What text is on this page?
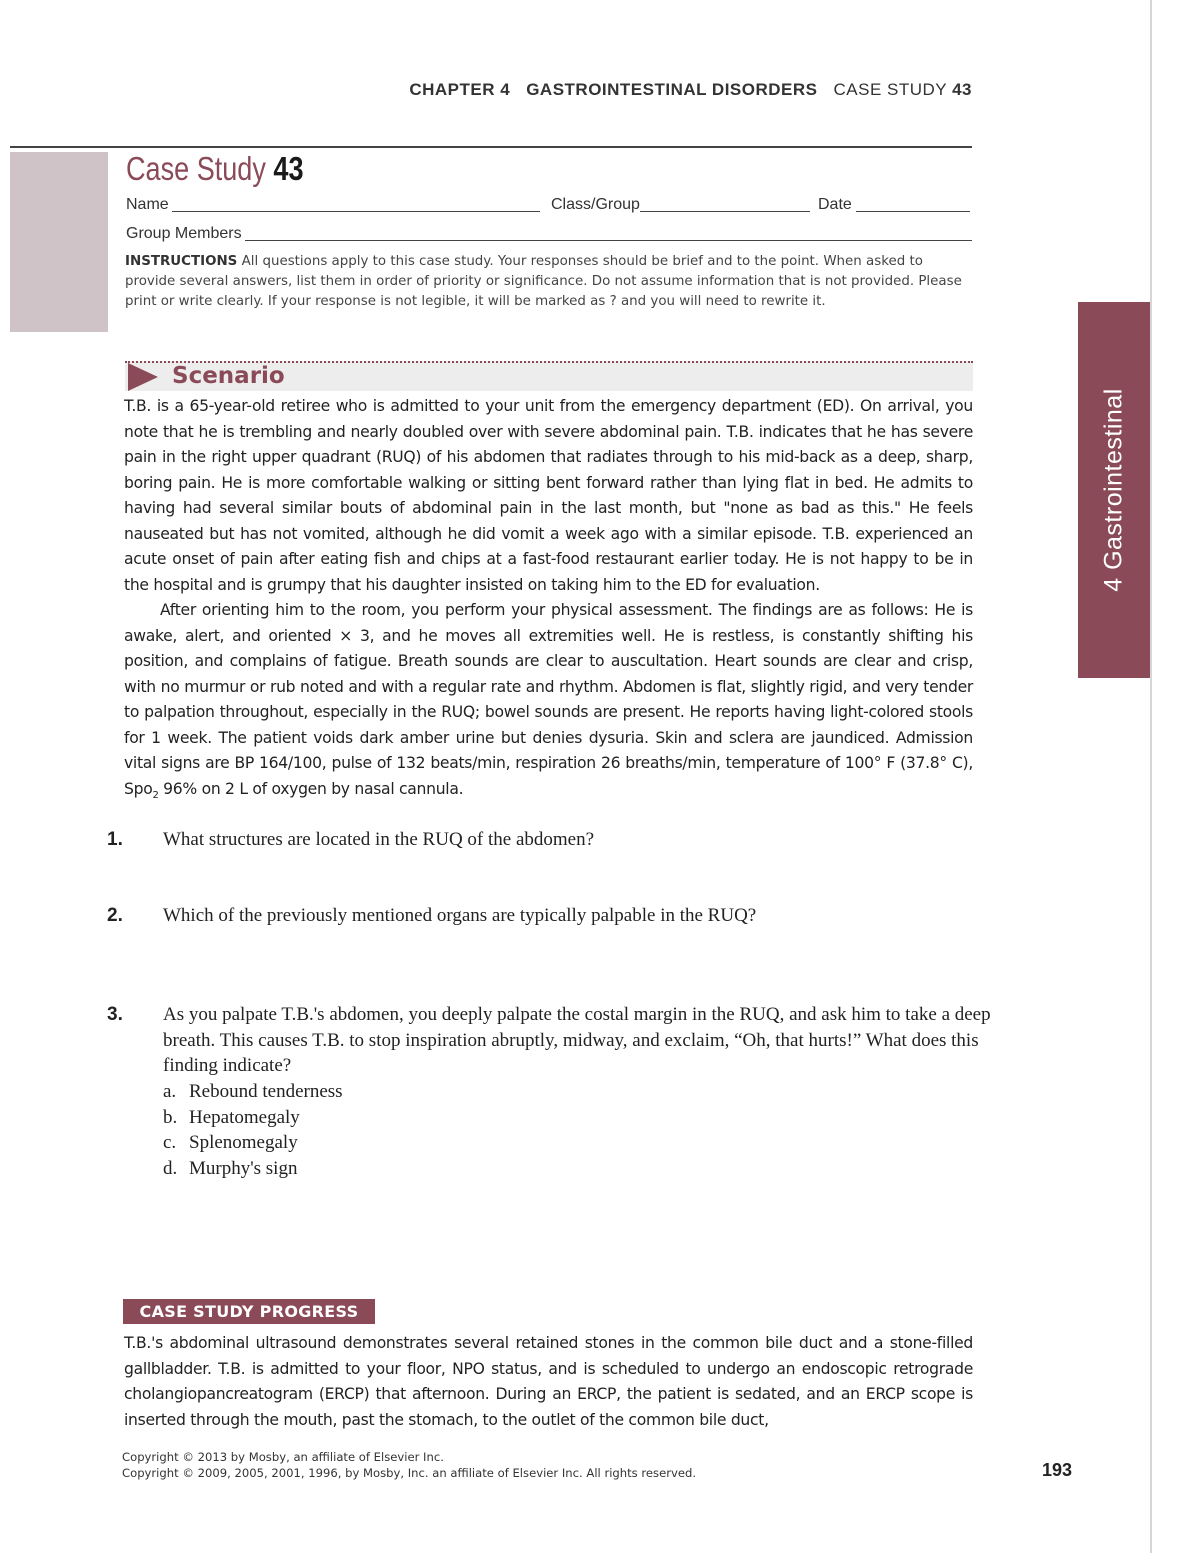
CHAPTER 4 GASTROINTESTINAL DISORDERS CASE STUDY 43
Case Study 43
Name	Class/Group	Date
Group Members
INSTRUCTIONS All questions apply to this case study. Your responses should be brief and to the point. When asked to provide several answers, list them in order of priority or significance. Do not assume information that is not provided. Please print or write clearly. If your response is not legible, it will be marked as ? and you will need to rewrite it.
Scenario

T.B. is a 65-year-old retiree who is admitted to your unit from the emergency department (ED). On arrival, you note that he is trembling and nearly doubled over with severe abdominal pain. T.B. indicates that he has severe pain in the right upper quadrant (RUQ) of his abdomen that radiates through to his mid-back as a deep, sharp, boring pain. He is more comfortable walking or sitting bent forward rather than lying flat in bed. He admits to having had several similar bouts of abdominal pain in the last month, but "none as bad as this." He feels nauseated but has not vomited, although he did vomit a week ago with a similar episode. T.B. experienced an acute onset of pain after eating fish and chips at a fast-food restaurant earlier today. He is not happy to be in the hospital and is grumpy that his daughter insisted on taking him to the ED for evaluation.

After orienting him to the room, you perform your physical assessment. The findings are as follows: He is awake, alert, and oriented × 3, and he moves all extremities well. He is restless, is constantly shifting his position, and complains of fatigue. Breath sounds are clear to auscultation. Heart sounds are clear and crisp, with no murmur or rub noted and with a regular rate and rhythm. Abdomen is flat, slightly rigid, and very tender to palpation throughout, especially in the RUQ; bowel sounds are present. He reports having light-colored stools for 1 week. The patient voids dark amber urine but denies dysuria. Skin and sclera are jaundiced. Admission vital signs are BP 164/100, pulse of 132 beats/min, respiration 26 breaths/min, temperature of 100° F (37.8° C), Spo$_2$ 96% on 2 L of oxygen by nasal cannula.

1. What structures are located in the RUQ of the abdomen?
2. Which of the previously mentioned organs are typically palpable in the RUQ?
3. As you palpate T.B.'s abdomen, you deeply palpate the costal margin in the RUQ, and ask him to take a deep breath. This causes T.B. to stop inspiration abruptly, midway, and exclaim, “Oh, that hurts!” What does this finding indicate?
a. Rebound tenderness
b. Hepatomegaly
c. Splenomegaly
d. Murphy's sign
CASE STUDY PROGRESS

T.B.'s abdominal ultrasound demonstrates several retained stones in the common bile duct and a stone-filled gallbladder. T.B. is admitted to your floor, NPO status, and is scheduled to undergo an endoscopic retrograde cholangiopancreatogram (ERCP) that afternoon. During an ERCP, the patient is sedated, and an ERCP scope is inserted through the mouth, past the stomach, to the outlet of the common bile duct,

Copyright © 2013 by Mosby, an affiliate of Elsevier Inc.
Copyright © 2009, 2005, 2001, 1996, by Mosby, Inc. an affiliate of Elsevier Inc. All rights reserved.	193
4 Gastrointestinal
